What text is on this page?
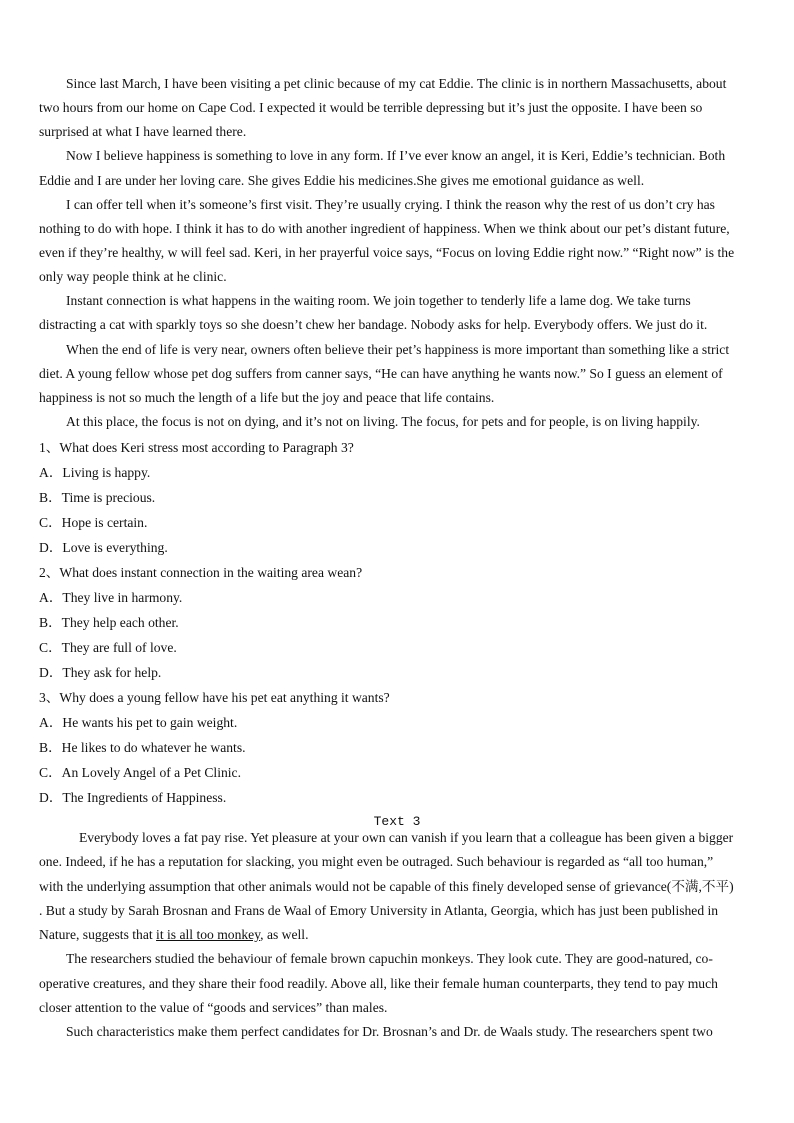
Since last March, I have been visiting a pet clinic because of my cat Eddie. The clinic is in northern Massachusetts, about
two hours from our home on Cape Cod. I expected it would be terrible depressing but it’s just the opposite. I have been so
surprised at what I have learned there.
Now I believe happiness is something to love in any form. If I’ve ever know an angel, it is Keri, Eddie’s technician. Both
Eddie and I are under her loving care. She gives Eddie his medicines.She gives me emotional guidance as well.
I can offer tell when it’s someone’s first visit. They’re usually crying. I think the reason why the rest of us don’t cry has
nothing to do with hope. I think it has to do with another ingredient of happiness. When we think about our pet’s distant future,
even if they’re healthy, w will feel sad. Keri, in her prayerful voice says, “Focus on loving Eddie right now.” “Right now” is the
only way people think at he clinic.
Instant connection is what happens in the waiting room. We join together to tenderly life a lame dog. We take turns
distracting a cat with sparkly toys so she doesn’t chew her bandage. Nobody asks for help. Everybody offers. We just do it.
When the end of life is very near, owners often believe their pet’s happiness is more important than something like a strict
diet. A young fellow whose pet dog suffers from canner says, “He can have anything he wants now.” So I guess an element of
happiness is not so much the length of a life but the joy and peace that life contains.
At this place, the focus is not on dying, and it’s not on living. The focus, for pets and for people, is on living happily.
1、What does Keri stress most according to Paragraph 3?
A．Living is happy.
B．Time is precious.
C．Hope is certain.
D．Love is everything.
2、What does instant connection in the waiting area wean?
A．They live in harmony.
B．They help each other.
C．They are full of love.
D．They ask for help.
3、Why does a young fellow have his pet eat anything it wants?
A．He wants his pet to gain weight.
B．He likes to do whatever he wants.
C．An Lovely Angel of a Pet Clinic.
D．The Ingredients of Happiness.
Text 3
Everybody loves a fat pay rise. Yet pleasure at your own can vanish if you learn that a colleague has been given a bigger
one. Indeed, if he has a reputation for slacking, you might even be outraged. Such behaviour is regarded as “all too human,”
with the underlying assumption that other animals would not be capable of this finely developed sense of grievance(不满,不平)
. But a study by Sarah Brosnan and Frans de Waal of Emory University in Atlanta, Georgia, which has just been published in
Nature, suggests that it is all too monkey, as well.
The researchers studied the behaviour of female brown capuchin monkeys. They look cute. They are good-natured, co-
operative creatures, and they share their food readily. Above all, like their female human counterparts, they tend to pay much
closer attention to the value of “goods and services” than males.
Such characteristics make them perfect candidates for Dr. Brosnan’s and Dr. de Waals study. The researchers spent two
